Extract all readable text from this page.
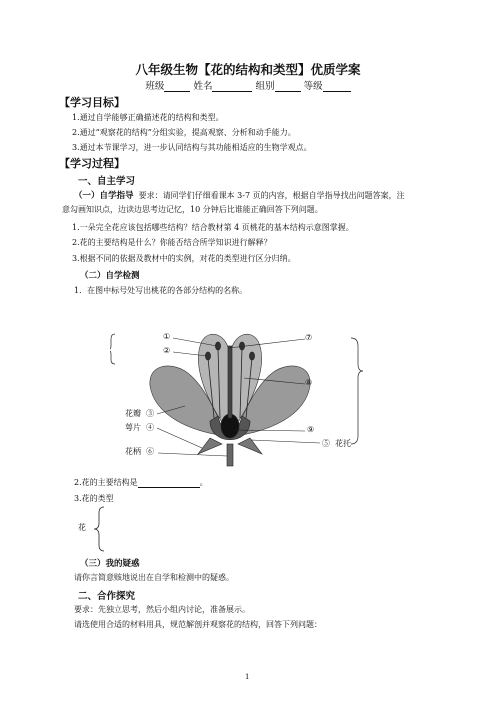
八年级生物【花的结构和类型】优质学案
班级	姓名	组别	等级
【学习目标】
1.通过自学能够正确描述花的结构和类型。
2.通过“观察花的结构”分组实验，提高观察、分析和动手能力。
3.通过本节课学习，进一步认同结构与其功能相适应的生物学观点。
【学习过程】
一、自主学习
（一）自学指导 要求：请同学们仔细看课本 3-7 页的内容，根据自学指导找出问题答案，注
意勾画知识点，边读边思考边记忆，10 分钟后比谁能正确回答下列问题。
1.一朵完全花应该包括哪些结构？结合教材第 4 页桃花的基本结构示意图掌握。
2.花的主要结构是什么？你能否结合所学知识进行解释？
3.根据不同的依据及教材中的实例，对花的类型进行区分归纳。
（二）自学检测
1．在图中标号处写出桃花的各部分结构的名称。
①
②
⑦
⑧
花瓣 ③
萼片 ④	⑨
⑤ 花托
花柄 ⑥
2.花的主要结构是	。
3.花的类型
花
（三）我的疑惑
请你言简意赅地说出在自学和检测中的疑惑。
二、合作探究
要求：先独立思考，然后小组内讨论，准备展示。
请选使用合适的材料用具，规范解剖并观察花的结构，回答下列问题：
1
